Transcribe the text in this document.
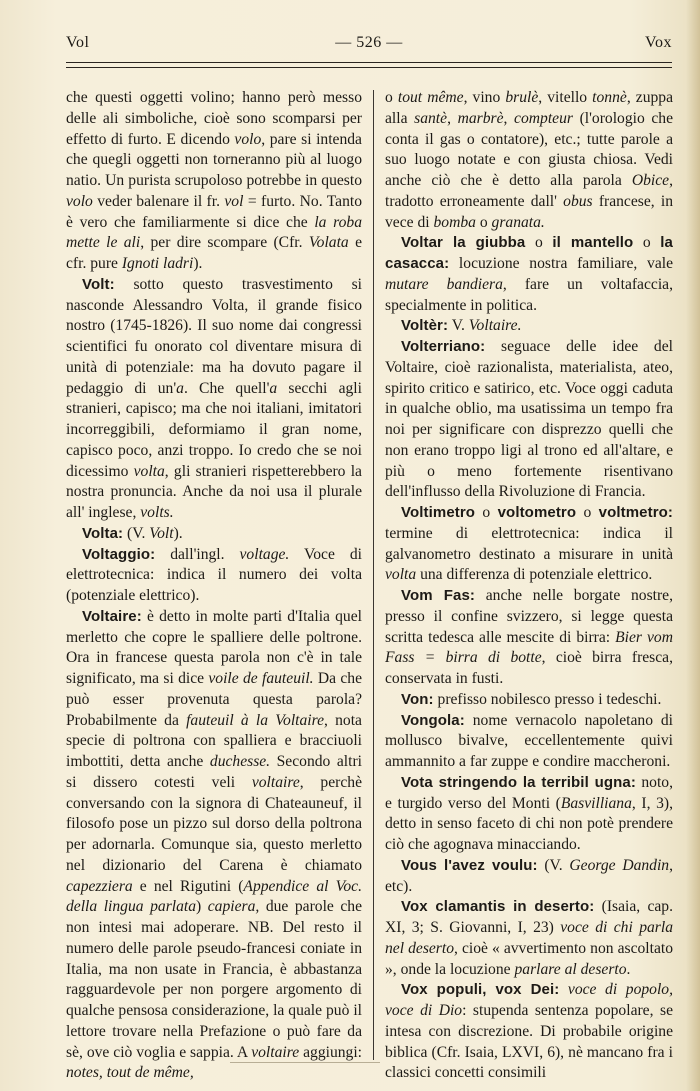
Vol	— 526 —	Vox

che questi oggetti volino; hanno però messo delle ali simboliche, cioè sono scomparsi per effetto di furto. E dicendo volo, pare si intenda che quegli oggetti non torneranno più al luogo natio. Un purista scrupoloso potrebbe in questo volo veder balenare il fr. vol = furto. No. Tanto è vero che familiarmente si dice che la roba mette le ali, per dire scompare (Cfr. Volata e cfr. pure Ignoti ladri).

Volt: sotto questo trasvestimento si nasconde Alessandro Volta, il grande fisico nostro (1745-1826). Il suo nome dai congressi scientifici fu onorato col diventare misura di unità di potenziale: ma ha dovuto pagare il pedaggio di un'a. Che quell'a secchi agli stranieri, capisco; ma che noi italiani, imitatori incorreggibili, deformiamo il gran nome, capisco poco, anzi troppo. Io credo che se noi dicessimo volta, gli stranieri rispetterebbero la nostra pronuncia. Anche da noi usa il plurale all' inglese, volts.

Volta: (V. Volt).

Voltaggio: dall'ingl. voltage. Voce di elettrotecnica: indica il numero dei volta (potenziale elettrico).

Voltaire: è detto in molte parti d'Italia quel merletto che copre le spalliere delle poltrone. Ora in francese questa parola non c'è in tale significato, ma si dice voile de fauteuil. Da che può esser provenuta questa parola? Probabilmente da fauteuil à la Voltaire, nota specie di poltrona con spalliera e bracciuoli imbottiti, detta anche duchesse. Secondo altri si dissero cotesti veli voltaire, perchè conversando con la signora di Chateauneuf, il filosofo pose un pizzo sul dorso della poltrona per adornarla. Comunque sia, questo merletto nel dizionario del Carena è chiamato capezziera e nel Rigutini (Appendice al Voc. della lingua parlata) capiera, due parole che non intesi mai adoperare. NB. Del resto il numero delle parole pseudo-francesi coniate in Italia, ma non usate in Francia, è abbastanza ragguardevole per non porgere argomento di qualche pensosa considerazione, la quale può il lettore trovare nella Prefazione o può fare da sè, ove ciò voglia e sappia. A voltaire aggiungi: notes, tout de même,

o tout même, vino brulè, vitello tonnè, zuppa alla santè, marbrè, compteur (l'orologio che conta il gas o contatore), etc.; tutte parole a suo luogo notate e con giusta chiosa. Vedi anche ciò che è detto alla parola Obice, tradotto erroneamente dall' obus francese, in vece di bomba o granata.

Voltar la giubba o il mantello o la casacca: locuzione nostra familiare, vale mutare bandiera, fare un voltafaccia, specialmente in politica.

Voltèr: V. Voltaire.

Volterriano: seguace delle idee del Voltaire, cioè razionalista, materialista, ateo, spirito critico e satirico, etc. Voce oggi caduta in qualche oblio, ma usatissima un tempo fra noi per significare con disprezzo quelli che non erano troppo ligi al trono ed all'altare, e più o meno fortemente risentivano dell'influsso della Rivoluzione di Francia.

Voltimetro o voltometro o voltmetro: termine di elettrotecnica: indica il galvanometro destinato a misurare in unità volta una differenza di potenziale elettrico.

Vom Fas: anche nelle borgate nostre, presso il confine svizzero, si legge questa scritta tedesca alle mescite di birra: Bier vom Fass = birra di botte, cioè birra fresca, conservata in fusti.

Von: prefisso nobilesco presso i tedeschi.

Vongola: nome vernacolo napoletano di mollusco bivalve, eccellentemente quivi ammannito a far zuppe e condire maccheroni.

Vota stringendo la terribil ugna: noto, e turgido verso del Monti (Basvilliana, I, 3), detto in senso faceto di chi non potè prendere ciò che agognava minacciando.

Vous l'avez voulu: (V. George Dandin, etc).

Vox clamantis in deserto: (Isaia, cap. XI, 3; S. Giovanni, I, 23) voce di chi parla nel deserto, cioè « avvertimento non ascoltato », onde la locuzione parlare al deserto.

Vox populi, vox Dei: voce di popolo, voce di Dio: stupenda sentenza popolare, se intesa con discrezione. Di probabile origine biblica (Cfr. Isaia, LXVI, 6), nè mancano fra i classici concetti consimili
